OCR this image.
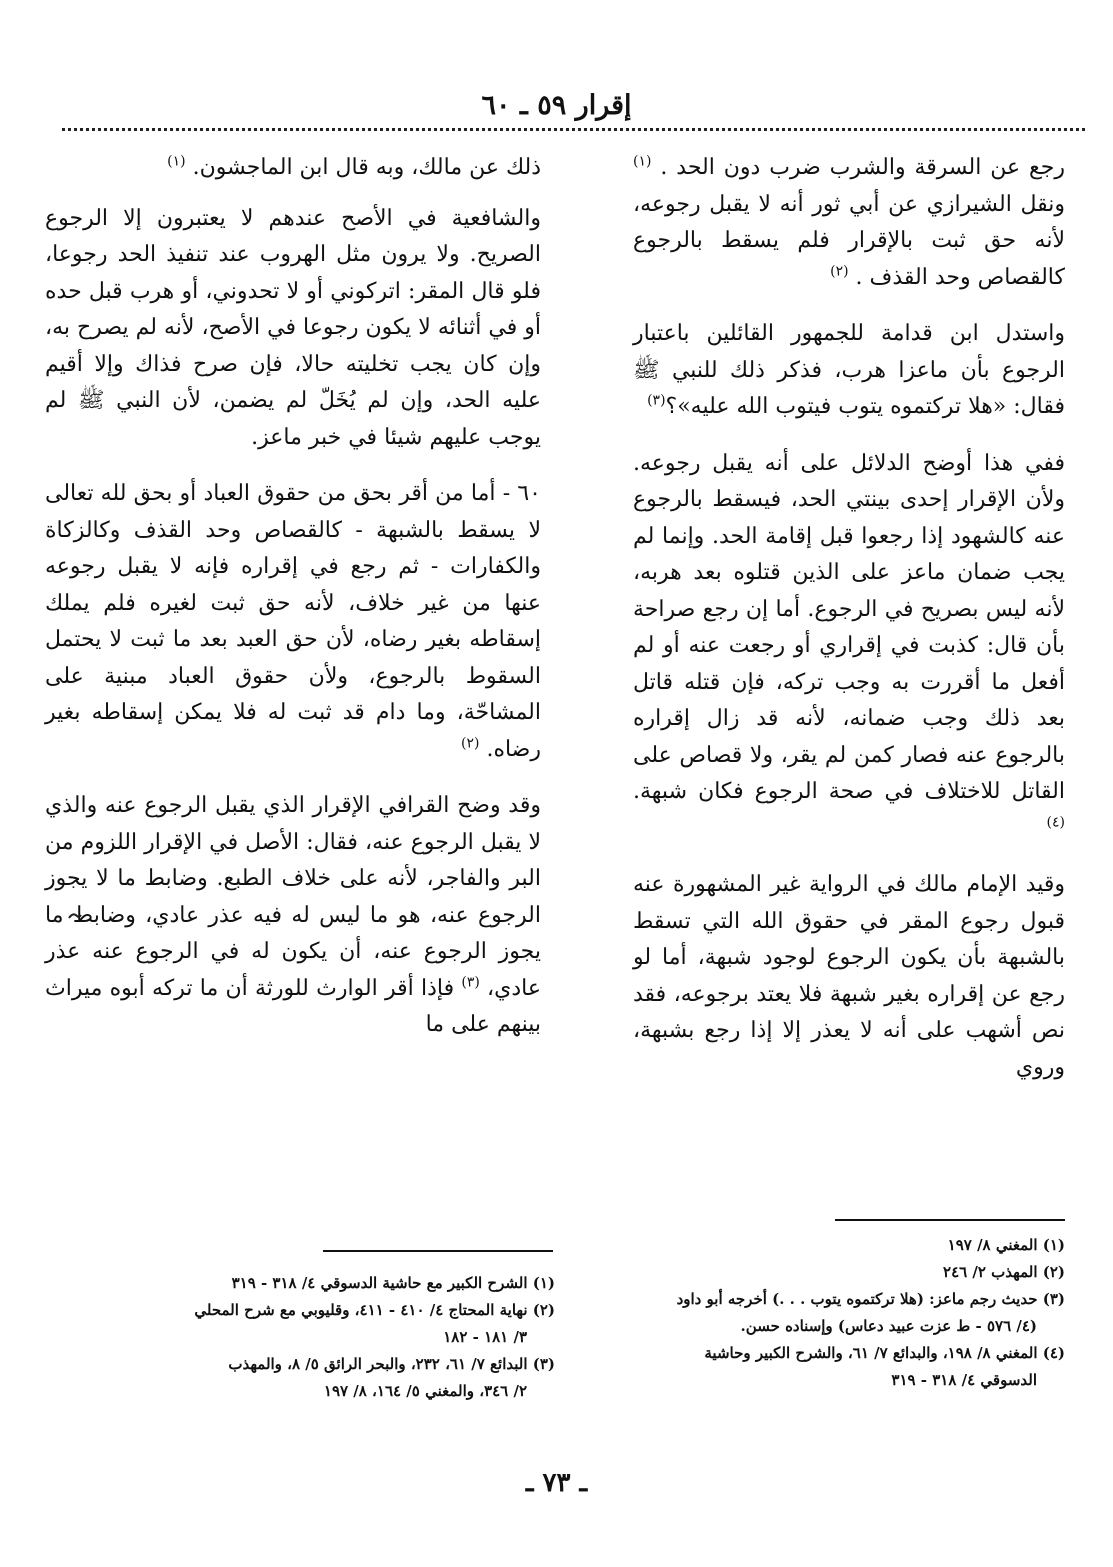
إقرار ٥٩ ـ ٦٠

رجع عن السرقة والشرب ضرب دون الحد . $^{(١)}$ ونقل الشيرازي عن أبي ثور أنه لا يقبل رجوعه، لأنه حق ثبت بالإقرار فلم يسقط بالرجوع كالقصاص وحد القذف . $^{(٢)}$

واستدل ابن قدامة للجمهور القائلين باعتبار الرجوع بأن ماعزا هرب، فذكر ذلك للنبي ﷺ فقال: «هلا تركتموه يتوب فيتوب الله عليه»؟$^{(٣)}$

ففي هذا أوضح الدلائل على أنه يقبل رجوعه. ولأن الإقرار إحدى بينتي الحد، فيسقط بالرجوع عنه كالشهود إذا رجعوا قبل إقامة الحد. وإنما لم يجب ضمان ماعز على الذين قتلوه بعد هربه، لأنه ليس بصريح في الرجوع. أما إن رجع صراحة بأن قال: كذبت في إقراري أو رجعت عنه أو لم أفعل ما أقررت به وجب تركه، فإن قتله قاتل بعد ذلك وجب ضمانه، لأنه قد زال إقراره بالرجوع عنه فصار كمن لم يقر، ولا قصاص على القاتل للاختلاف في صحة الرجوع فكان شبهة. $^{(٤)}$

وقيد الإمام مالك في الرواية غير المشهورة عنه قبول رجوع المقر في حقوق الله التي تسقط بالشبهة بأن يكون الرجوع لوجود شبهة، أما لو رجع عن إقراره بغير شبهة فلا يعتد برجوعه، فقد نص أشهب على أنه لا يعذر إلا إذا رجع بشبهة، وروي

ذلك عن مالك، وبه قال ابن الماجشون. $^{(١)}$

والشافعية في الأصح عندهم لا يعتبرون إلا الرجوع الصريح. ولا يرون مثل الهروب عند تنفيذ الحد رجوعا، فلو قال المقر: اتركوني أو لا تحدوني، أو هرب قبل حده أو في أثنائه لا يكون رجوعا في الأصح، لأنه لم يصرح به، وإن كان يجب تخليته حالا، فإن صرح فذاك وإلا أقيم عليه الحد، وإن لم يُخَلّ لم يضمن، لأن النبي ﷺ لم يوجب عليهم شيئا في خبر ماعز.

٦٠ - أما من أقر بحق من حقوق العباد أو بحق لله تعالى لا يسقط بالشبهة - كالقصاص وحد القذف وكالزكاة والكفارات - ثم رجع في إقراره فإنه لا يقبل رجوعه عنها من غير خلاف، لأنه حق ثبت لغيره فلم يملك إسقاطه بغير رضاه، لأن حق العبد بعد ما ثبت لا يحتمل السقوط بالرجوع، ولأن حقوق العباد مبنية على المشاحّة، وما دام قد ثبت له فلا يمكن إسقاطه بغير رضاه. $^{(٢)}$

وقد وضح القرافي الإقرار الذي يقبل الرجوع عنه والذي لا يقبل الرجوع عنه، فقال: الأصل في الإقرار اللزوم من البر والفاجر، لأنه على خلاف الطبع. وضابط ما لا يجوز الرجوع عنه، هو ما ليس له فيه عذر عادي، وضابط ما يجوز الرجوع عنه، أن يكون له في الرجوع عنه عذر عادي، $^{(٣)}$ فإذا أقر الوارث للورثة أن ما تركه أبوه ميراث بينهم على ما

(١) المغني ٨/ ١٩٧
(٢) المهذب ٢/ ٢٤٦
(٣) حديث رجم ماعز: (هلا تركتموه يتوب . . .) أخرجه أبو داود
(٤/ ٥٧٦ - ط عزت عبيد دعاس) وإسناده حسن.
(٤) المغني ٨/ ١٩٨، والبدائع ٧/ ٦١، والشرح الكبير وحاشية
الدسوقي ٤/ ٣١٨ - ٣١٩
(١) الشرح الكبير مع حاشية الدسوقي ٤/ ٣١٨ - ٣١٩
(٢) نهاية المحتاج ٤/ ٤١٠ - ٤١١، وقليوبي مع شرح المحلي
٣/ ١٨١ - ١٨٢
(٣) البدائع ٧/ ٦١، ٢٣٢، والبحر الرائق ٥/ ٨، والمهذب
٢/ ٣٤٦، والمغني ٥/ ١٦٤، ٨/ ١٩٧
ـ ٧٣ ـ
